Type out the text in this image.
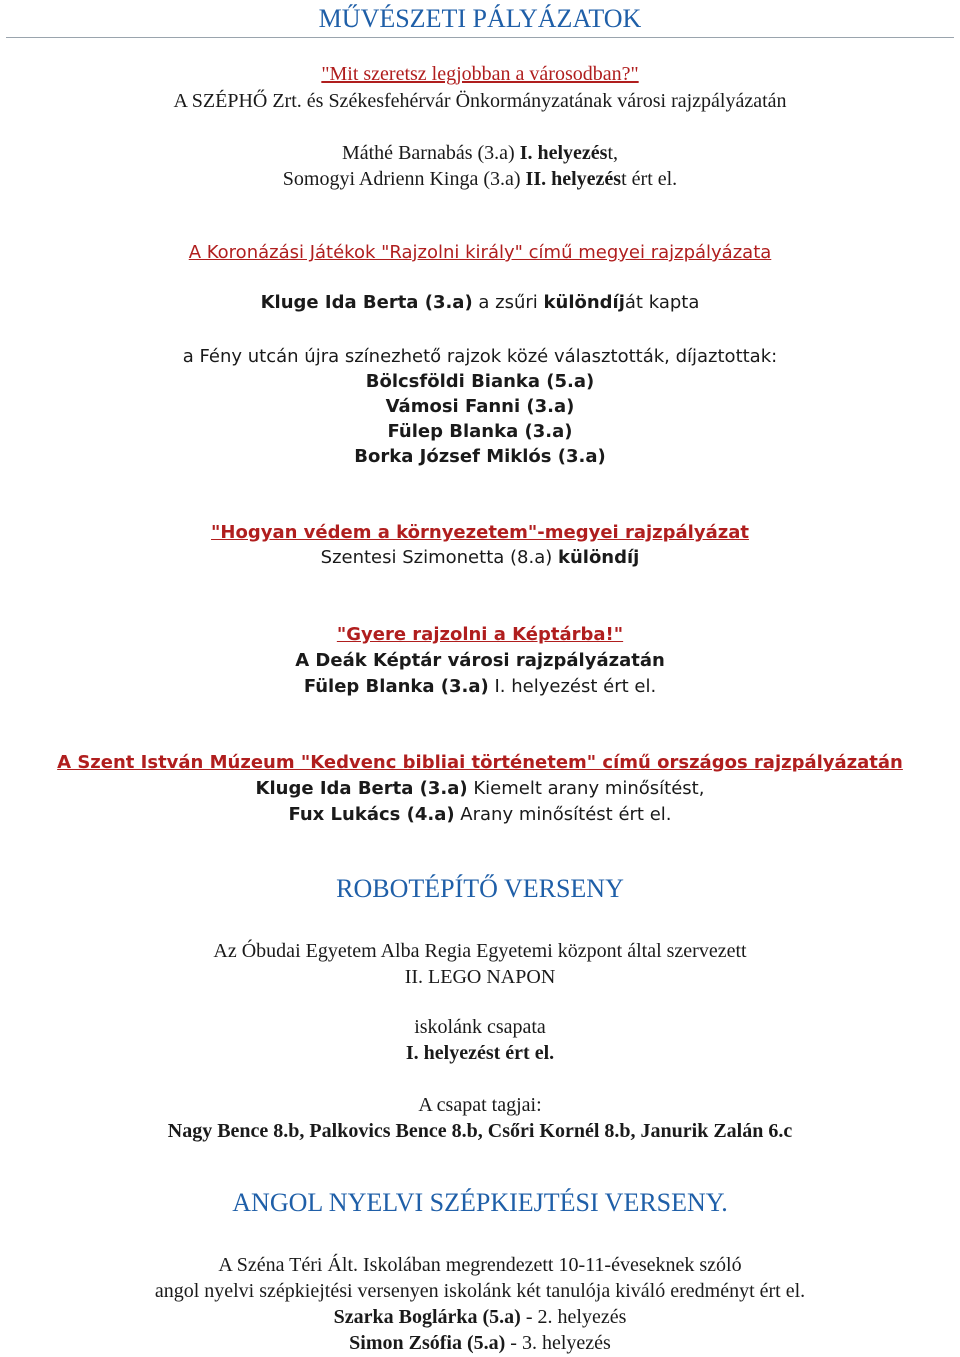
MŰVÉSZETI PÁLYÁZATOK
"Mit szeretsz legjobban a városodban?"
A SZÉPHŐ Zrt. és Székesfehérvár Önkormányzatának városi rajzpályázatán
Máthé Barnabás (3.a) I. helyezést,
Somogyi Adrienn Kinga (3.a) II. helyezést ért el.
A Koronázási Játékok "Rajzolni király" című megyei rajzpályázata
Kluge Ida Berta (3.a) a zsűri különdíját kapta
a Fény utcán újra színezhető rajzok közé választották, díjaztottak:
Bölcsföldi Bianka (5.a)
Vámosi Fanni (3.a)
Fülep Blanka (3.a)
Borka József Miklós (3.a)
"Hogyan védem a környezetem"-megyei rajzpályázat
Szentesi Szimonetta (8.a) különdíj
"Gyere rajzolni a Képtárba!"
A Deák Képtár városi rajzpályázatán
Fülep Blanka (3.a) I. helyezést ért el.
A Szent István Múzeum "Kedvenc bibliai történetem" című országos rajzpályázatán
Kluge Ida Berta (3.a) Kiemelt arany minősítést,
Fux Lukács (4.a) Arany minősítést ért el.
ROBOTÉPÍTŐ VERSENY
Az Óbudai Egyetem Alba Regia Egyetemi központ által szervezett
II. LEGO NAPON
iskolánk csapata
I. helyezést ért el.
A csapat tagjai:
Nagy Bence 8.b, Palkovics Bence 8.b, Csőri Kornél 8.b, Janurik Zalán 6.c
ANGOL NYELVI SZÉPKIEJTÉSI VERSENY.
A Széna Téri Ált. Iskolában megrendezett 10-11-éveseknek szóló
angol nyelvi szépkiejtési versenyen iskolánk két tanulója kiváló eredményt ért el.
Szarka Boglárka (5.a) - 2. helyezés
Simon Zsófia (5.a) - 3. helyezés
